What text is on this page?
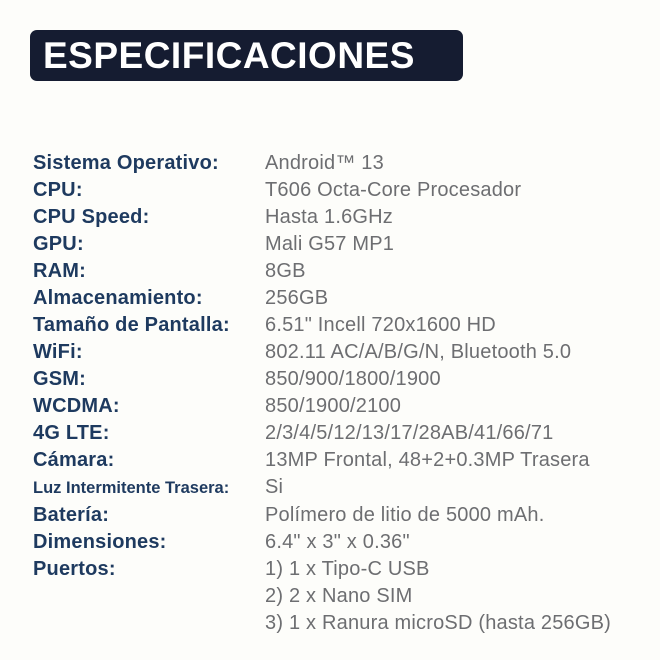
ESPECIFICACIONES
Sistema Operativo:	Android™ 13
CPU:	T606 Octa-Core Procesador
CPU Speed:	Hasta 1.6GHz
GPU:	Mali G57 MP1
RAM:	8GB
Almacenamiento:	256GB
Tamaño de Pantalla:	6.51" Incell 720x1600 HD
WiFi:	802.11 AC/A/B/G/N, Bluetooth 5.0
GSM:	850/900/1800/1900
WCDMA:	850/1900/2100
4G LTE:	2/3/4/5/12/13/17/28AB/41/66/71
Cámara:	13MP Frontal, 48+2+0.3MP Trasera
Luz Intermitente Trasera:	Si
Batería:	Polímero de litio de 5000 mAh.
Dimensiones:	6.4" x 3" x 0.36"
Puertos:	1) 1 x Tipo-C USB
2) 2 x Nano SIM
3) 1 x Ranura microSD (hasta 256GB)
